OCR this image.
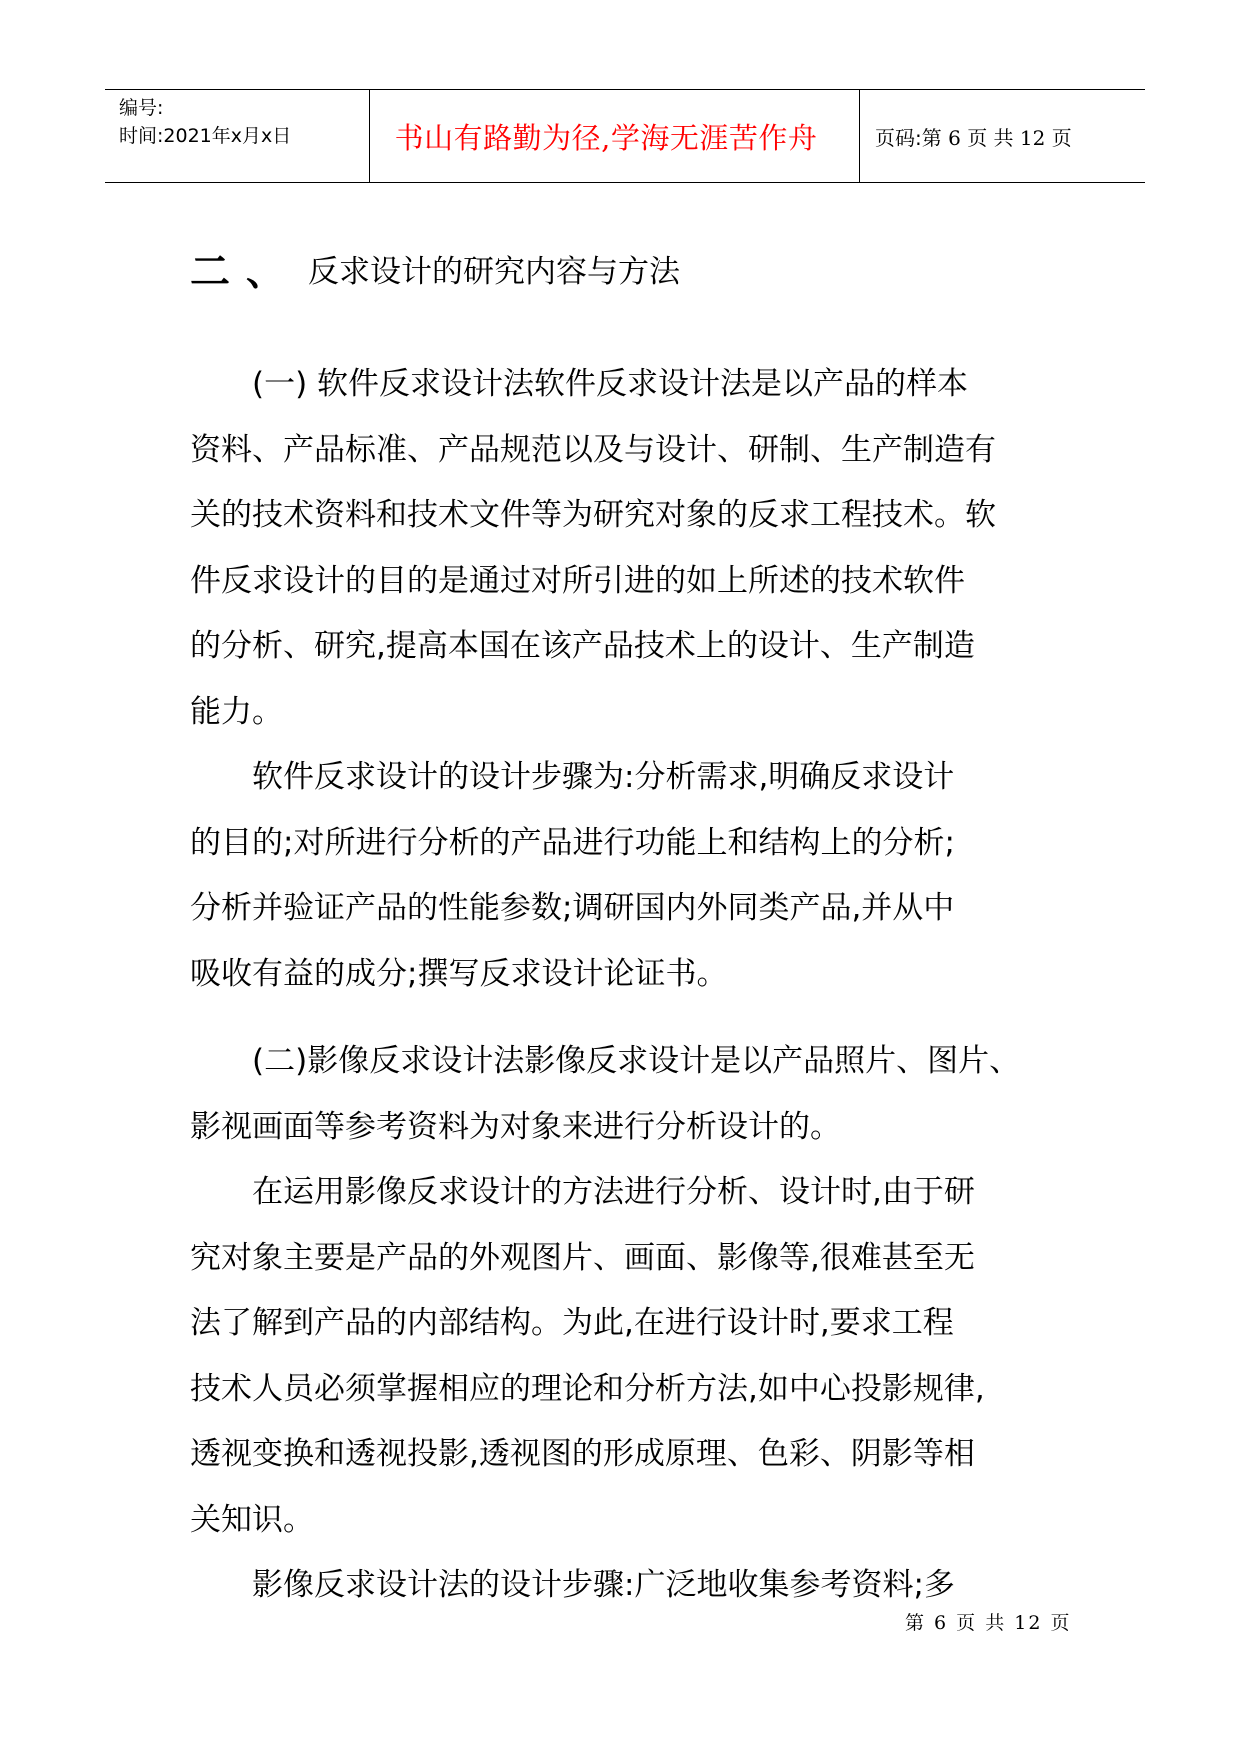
编号:
时间:2021年x月x日	书山有路勤为径,学海无涯苦作舟	页码: 第 6 页 共 12 页
二 、 反求设计的研究内容与方法
(一) 软件反求设计法软件反求设计法是以产品的样本
资料、产品标准、产品规范以及与设计、研制、生产制造有
关的技术资料和技术文件等为研究对象的反求工程技术。软
件反求设计的目的是通过对所引进的如上所述的技术软件
的分析、研究,提高本国在该产品技术上的设计、生产制造
能力。
软件反求设计的设计步骤为:分析需求,明确反求设计
的目的;对所进行分析的产品进行功能上和结构上的分析;
分析并验证产品的性能参数;调研国内外同类产品,并从中
吸收有益的成分;撰写反求设计论证书。
(二)影像反求设计法影像反求设计是以产品照片、图片、
影视画面等参考资料为对象来进行分析设计的。
在运用影像反求设计的方法进行分析、设计时,由于研
究对象主要是产品的外观图片、画面、影像等,很难甚至无
法了解到产品的内部结构。为此,在进行设计时,要求工程
技术人员必须掌握相应的理论和分析方法,如中心投影规律,
透视变换和透视投影,透视图的形成原理、色彩、阴影等相
关知识。
影像反求设计法的设计步骤:广泛地收集参考资料;多
第 6 页 共 12 页
